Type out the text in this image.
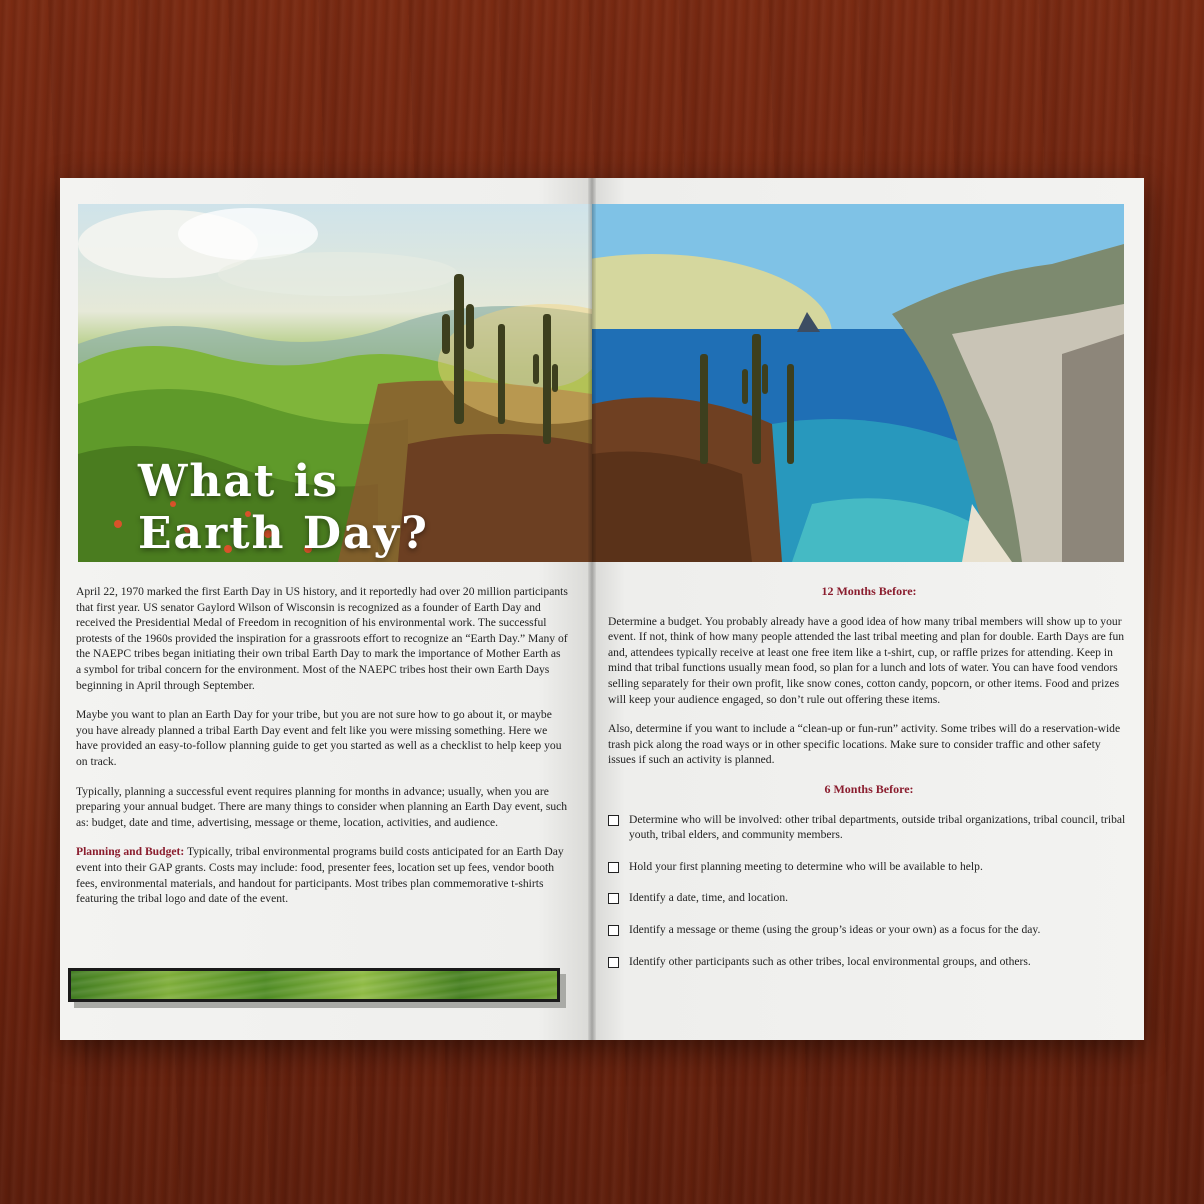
What is
Earth Day?

April 22, 1970 marked the first Earth Day in US history, and it reportedly had over 20 million participants that first year. US senator Gaylord Wilson of Wisconsin is recognized as a founder of Earth Day and received the Presidential Medal of Freedom in recognition of his environmental work. The successful protests of the 1960s provided the inspiration for a grassroots effort to recognize an “Earth Day.” Many of the NAEPC tribes began initiating their own tribal Earth Day to mark the importance of Mother Earth as a symbol for tribal concern for the environment. Most of the NAEPC tribes host their own Earth Days beginning in April through September.

Maybe you want to plan an Earth Day for your tribe, but you are not sure how to go about it, or maybe you have already planned a tribal Earth Day event and felt like you were missing something. Here we have provided an easy-to-follow planning guide to get you started as well as a checklist to help keep you on track.

Typically, planning a successful event requires planning for months in advance; usually, when you are preparing your annual budget. There are many things to consider when planning an Earth Day event, such as: budget, date and time, advertising, message or theme, location, activities, and audience.

Planning and Budget: Typically, tribal environmental programs build costs anticipated for an Earth Day event into their GAP grants. Costs may include: food, presenter fees, location set up fees, vendor booth fees, environmental materials, and handout for participants. Most tribes plan commemorative t-shirts featuring the tribal logo and date of the event.

12 Months Before:

Determine a budget. You probably already have a good idea of how many tribal members will show up to your event. If not, think of how many people attended the last tribal meeting and plan for double. Earth Days are fun and, attendees typically receive at least one free item like a t-shirt, cup, or raffle prizes for attending. Keep in mind that tribal functions usually mean food, so plan for a lunch and lots of water. You can have food vendors selling separately for their own profit, like snow cones, cotton candy, popcorn, or other items. Food and prizes will keep your audience engaged, so don’t rule out offering these items.

Also, determine if you want to include a “clean-up or fun-run” activity. Some tribes will do a reservation-wide trash pick along the road ways or in other specific locations. Make sure to consider traffic and other safety issues if such an activity is planned.

6 Months Before:

Determine who will be involved: other tribal departments, outside tribal organizations, tribal council, tribal youth, tribal elders, and community members.
Hold your first planning meeting to determine who will be available to help.
Identify a date, time, and location.
Identify a message or theme (using the group’s ideas or your own) as a focus for the day.
Identify other participants such as other tribes, local environmental groups, and others.
